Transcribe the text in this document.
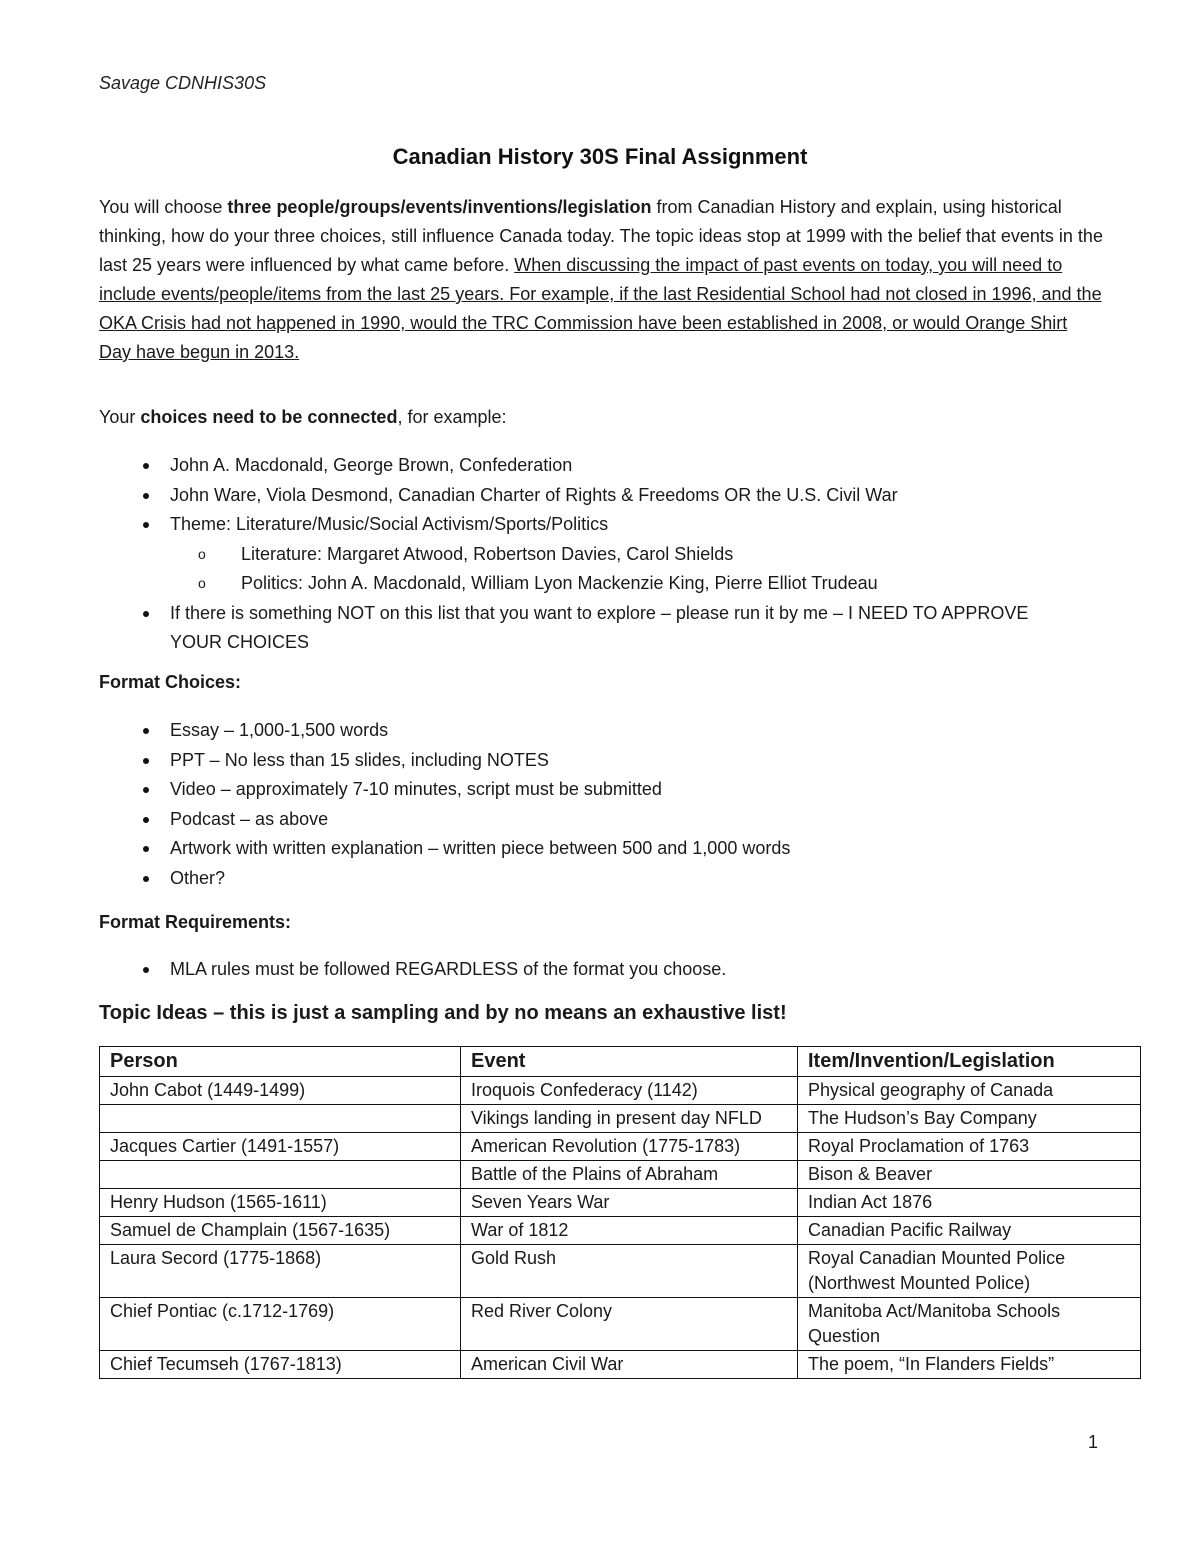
Savage CDNHIS30S
Canadian History 30S Final Assignment

You will choose three people/groups/events/inventions/legislation from Canadian History and explain, using historical thinking, how do your three choices, still influence Canada today. The topic ideas stop at 1999 with the belief that events in the last 25 years were influenced by what came before. When discussing the impact of past events on today, you will need to include events/people/items from the last 25 years. For example, if the last Residential School had not closed in 1996, and the OKA Crisis had not happened in 1990, would the TRC Commission have been established in 2008, or would Orange Shirt Day have begun in 2013.

Your choices need to be connected, for example:
John A. Macdonald, George Brown, Confederation
John Ware, Viola Desmond, Canadian Charter of Rights & Freedoms OR the U.S. Civil War
Theme: Literature/Music/Social Activism/Sports/Politics
o Literature: Margaret Atwood, Robertson Davies, Carol Shields
o Politics: John A. Macdonald, William Lyon Mackenzie King, Pierre Elliot Trudeau
If there is something NOT on this list that you want to explore – please run it by me – I NEED TO APPROVE YOUR CHOICES
Format Choices:
Essay – 1,000-1,500 words
PPT – No less than 15 slides, including NOTES
Video – approximately 7-10 minutes, script must be submitted
Podcast – as above
Artwork with written explanation – written piece between 500 and 1,000 words
Other?
Format Requirements:
MLA rules must be followed REGARDLESS of the format you choose.
Topic Ideas – this is just a sampling and by no means an exhaustive list!
Person	Event	Item/Invention/Legislation
John Cabot (1449-1499)	Iroquois Confederacy (1142)	Physical geography of Canada
	Vikings landing in present day NFLD	The Hudson’s Bay Company
Jacques Cartier (1491-1557)	American Revolution (1775-1783)	Royal Proclamation of 1763
	Battle of the Plains of Abraham	Bison & Beaver
Henry Hudson (1565-1611)	Seven Years War	Indian Act 1876
Samuel de Champlain (1567-1635)	War of 1812	Canadian Pacific Railway
Laura Secord (1775-1868)	Gold Rush	Royal Canadian Mounted Police (Northwest Mounted Police)
Chief Pontiac (c.1712-1769)	Red River Colony	Manitoba Act/Manitoba Schools Question
Chief Tecumseh (1767-1813)	American Civil War	The poem, “In Flanders Fields”
1
